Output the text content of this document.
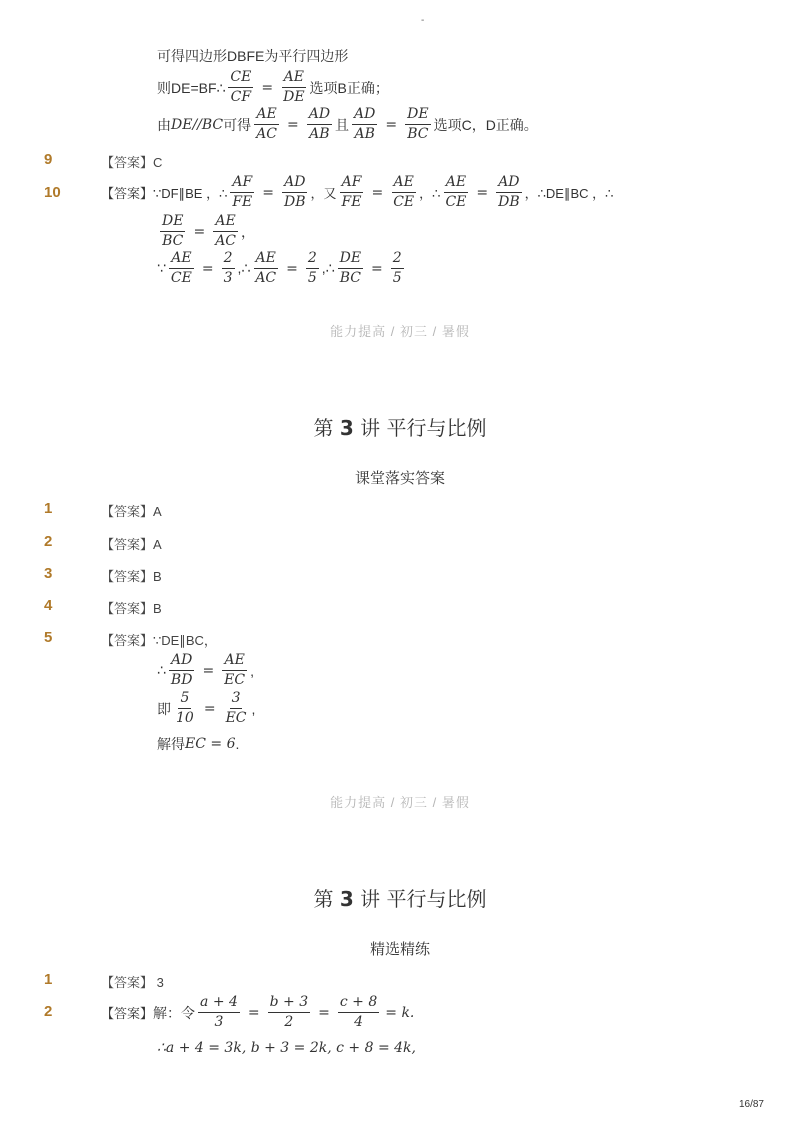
-
可得四边形DBFE为平行四边形
则DE=BF∴ $\frac{CE}{CF} = \frac{AE}{DE}$ 选项B正确；
由 DE//BC 可得 $\frac{AE}{AC} = \frac{AD}{AB}$ 且 $\frac{AD}{AB} = \frac{DE}{BC}$ 选项C，D正确。
9	【答案】C
10	【答案】 ∵DF∥BE ，∴ $\frac{AF}{FE} = \frac{AD}{DB}$ ，又 $\frac{AF}{FE} = \frac{AE}{CE}$ ，∴ $\frac{AE}{CE} = \frac{AD}{DB}$ ，∴DE∥BC ，∴
$\frac{DE}{BC} = \frac{AE}{AC}$ ，
∵ $\frac{AE}{CE} = \frac{2}{3}$ ,∴ $\frac{AE}{AC} = \frac{2}{5}$ ,∴ $\frac{DE}{BC} = \frac{2}{5}$
能力提高 / 初三 / 暑假
第 3 讲 平行与比例
课堂落实答案
1	【答案】A
2	【答案】A
3	【答案】B
4	【答案】B
5	【答案】∵DE∥BC，
∴ $\frac{AD}{BD} = \frac{AE}{EC}$ ,
即 $\frac{5}{10} = \frac{3}{EC}$ ,
解得 EC = 6 .
能力提高 / 初三 / 暑假
第 3 讲 平行与比例
精选精练
1	【答案】 3
2	【答案】 解：令 $\frac{a + 4}{3} = \frac{b + 3}{2} = \frac{c + 8}{4} = k$.
∴a + 4 = 3k, b + 3 = 2k, c + 8 = 4k,
16/87
